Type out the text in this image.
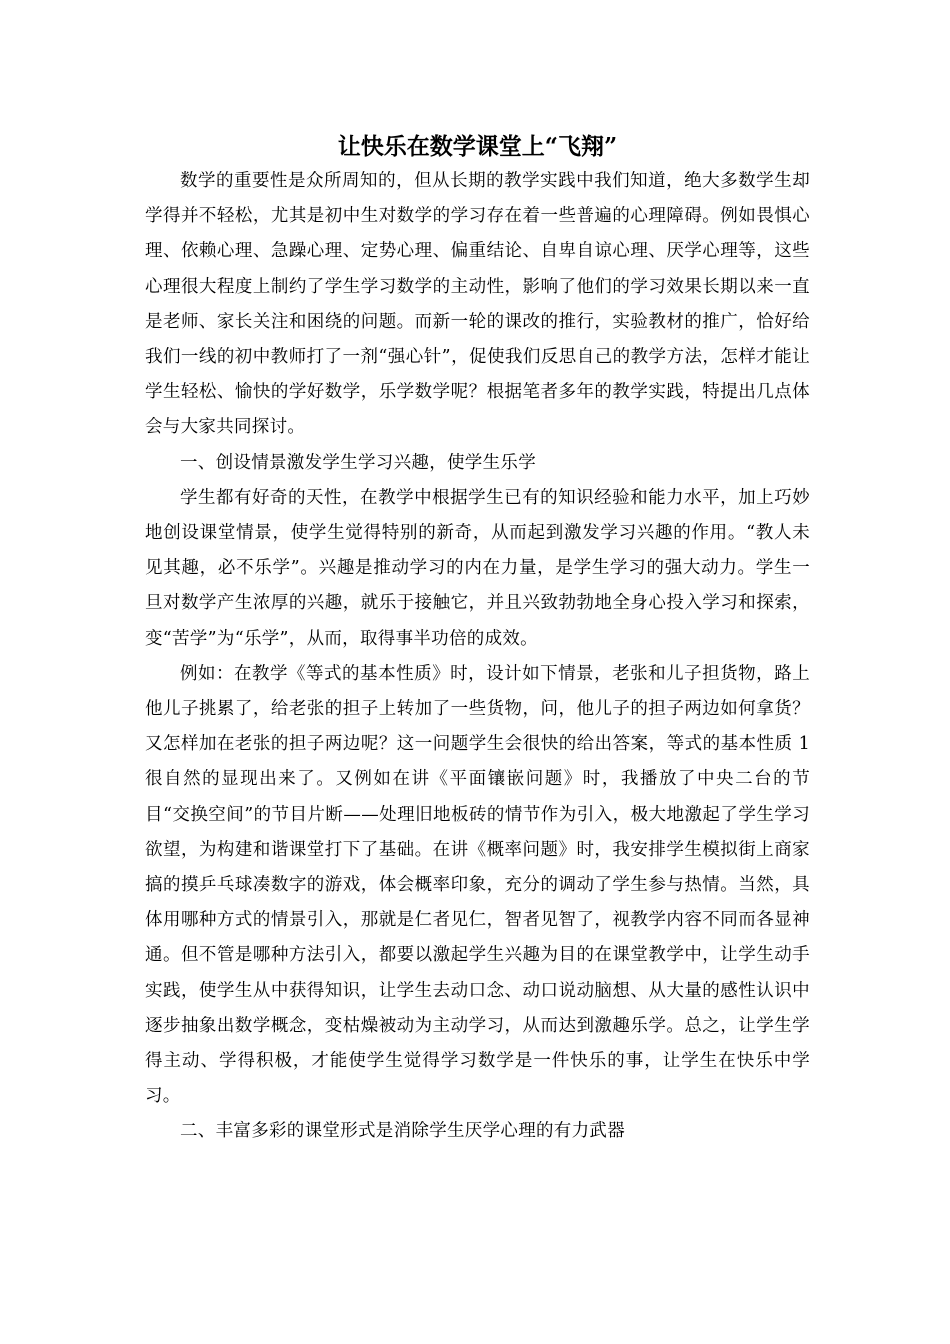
让快乐在数学课堂上“飞翔”

数学的重要性是众所周知的，但从长期的教学实践中我们知道，绝大多数学生却学得并不轻松，尤其是初中生对数学的学习存在着一些普遍的心理障碍。例如畏惧心理、依赖心理、急躁心理、定势心理、偏重结论、自卑自谅心理、厌学心理等，这些心理很大程度上制约了学生学习数学的主动性，影响了他们的学习效果长期以来一直是老师、家长关注和困绕的问题。而新一轮的课改的推行，实验教材的推广，恰好给我们一线的初中教师打了一剂“强心针”，促使我们反思自己的教学方法，怎样才能让学生轻松、愉快的学好数学，乐学数学呢？根据笔者多年的教学实践，特提出几点体会与大家共同探讨。

一、创设情景激发学生学习兴趣，使学生乐学

学生都有好奇的天性，在教学中根据学生已有的知识经验和能力水平，加上巧妙地创设课堂情景，使学生觉得特别的新奇，从而起到激发学习兴趣的作用。“教人未见其趣，必不乐学”。兴趣是推动学习的内在力量，是学生学习的强大动力。学生一旦对数学产生浓厚的兴趣，就乐于接触它，并且兴致勃勃地全身心投入学习和探索，变“苦学”为“乐学”，从而，取得事半功倍的成效。

例如：在教学《等式的基本性质》时，设计如下情景，老张和儿子担货物，路上他儿子挑累了，给老张的担子上转加了一些货物，问，他儿子的担子两边如何拿货？又怎样加在老张的担子两边呢？这一问题学生会很快的给出答案，等式的基本性质 1 很自然的显现出来了。又例如在讲《平面镶嵌问题》时，我播放了中央二台的节目“交换空间”的节目片断——处理旧地板砖的情节作为引入，极大地激起了学生学习欲望，为构建和谐课堂打下了基础。在讲《概率问题》时，我安排学生模拟街上商家搞的摸乒乓球凑数字的游戏，体会概率印象，充分的调动了学生参与热情。当然，具体用哪种方式的情景引入，那就是仁者见仁，智者见智了，视教学内容不同而各显神通。但不管是哪种方法引入，都要以激起学生兴趣为目的在课堂教学中，让学生动手实践，使学生从中获得知识，让学生去动口念、动口说动脑想、从大量的感性认识中逐步抽象出数学概念，变枯燥被动为主动学习，从而达到激趣乐学。总之，让学生学得主动、学得积极，才能使学生觉得学习数学是一件快乐的事，让学生在快乐中学习。

二、丰富多彩的课堂形式是消除学生厌学心理的有力武器
